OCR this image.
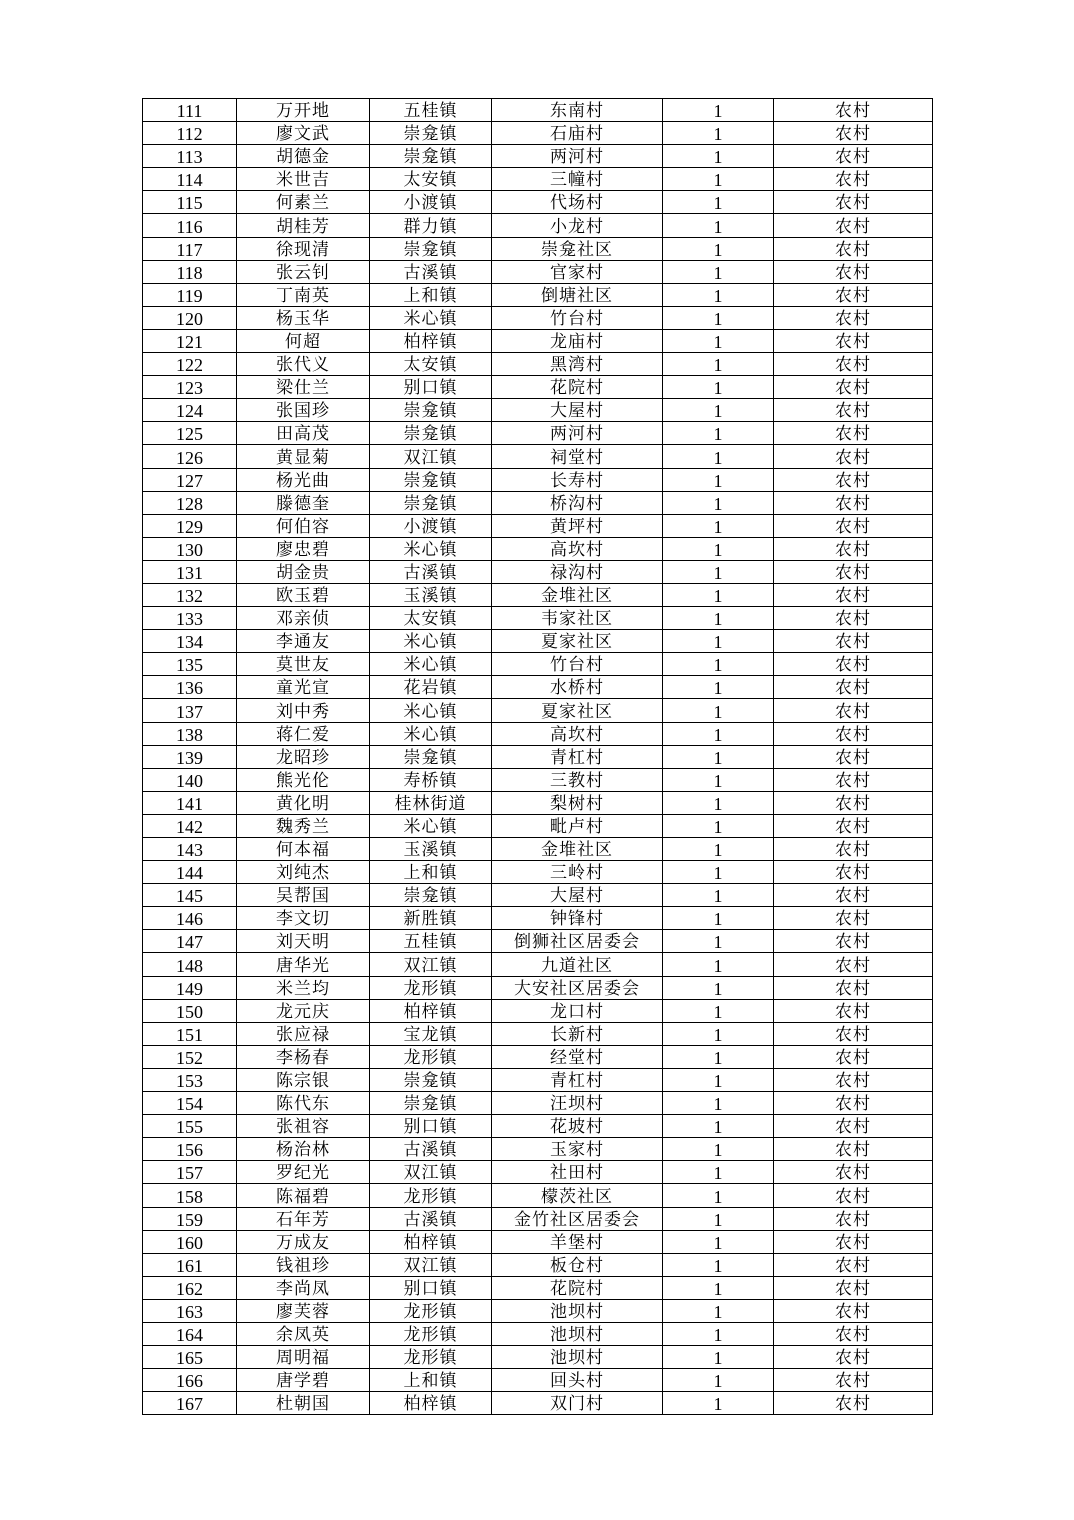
111	万开地	五桂镇	东南村	1	农村
112	廖文武	崇龛镇	石庙村	1	农村
113	胡德金	崇龛镇	两河村	1	农村
114	米世吉	太安镇	三幢村	1	农村
115	何素兰	小渡镇	代场村	1	农村
116	胡桂芳	群力镇	小龙村	1	农村
117	徐现清	崇龛镇	崇龛社区	1	农村
118	张云钊	古溪镇	官家村	1	农村
119	丁南英	上和镇	倒塘社区	1	农村
120	杨玉华	米心镇	竹台村	1	农村
121	何超	柏梓镇	龙庙村	1	农村
122	张代义	太安镇	黑湾村	1	农村
123	梁仕兰	别口镇	花院村	1	农村
124	张国珍	崇龛镇	大屋村	1	农村
125	田高茂	崇龛镇	两河村	1	农村
126	黄显菊	双江镇	祠堂村	1	农村
127	杨光曲	崇龛镇	长寿村	1	农村
128	滕德奎	崇龛镇	桥沟村	1	农村
129	何伯容	小渡镇	黄坪村	1	农村
130	廖忠碧	米心镇	高坎村	1	农村
131	胡金贵	古溪镇	禄沟村	1	农村
132	欧玉碧	玉溪镇	金堆社区	1	农村
133	邓亲侦	太安镇	韦家社区	1	农村
134	李通友	米心镇	夏家社区	1	农村
135	莫世友	米心镇	竹台村	1	农村
136	童光宣	花岩镇	水桥村	1	农村
137	刘中秀	米心镇	夏家社区	1	农村
138	蒋仁爱	米心镇	高坎村	1	农村
139	龙昭珍	崇龛镇	青杠村	1	农村
140	熊光伦	寿桥镇	三教村	1	农村
141	黄化明	桂林街道	梨树村	1	农村
142	魏秀兰	米心镇	毗卢村	1	农村
143	何本福	玉溪镇	金堆社区	1	农村
144	刘纯杰	上和镇	三岭村	1	农村
145	吴帮国	崇龛镇	大屋村	1	农村
146	李文切	新胜镇	钟锋村	1	农村
147	刘天明	五桂镇	倒狮社区居委会	1	农村
148	唐华光	双江镇	九道社区	1	农村
149	米兰均	龙形镇	大安社区居委会	1	农村
150	龙元庆	柏梓镇	龙口村	1	农村
151	张应禄	宝龙镇	长新村	1	农村
152	李杨春	龙形镇	经堂村	1	农村
153	陈宗银	崇龛镇	青杠村	1	农村
154	陈代东	崇龛镇	汪坝村	1	农村
155	张祖容	别口镇	花坡村	1	农村
156	杨治林	古溪镇	玉家村	1	农村
157	罗纪光	双江镇	社田村	1	农村
158	陈福碧	龙形镇	檬茨社区	1	农村
159	石年芳	古溪镇	金竹社区居委会	1	农村
160	万成友	柏梓镇	羊堡村	1	农村
161	钱祖珍	双江镇	板仓村	1	农村
162	李尚凤	别口镇	花院村	1	农村
163	廖芙蓉	龙形镇	池坝村	1	农村
164	余凤英	龙形镇	池坝村	1	农村
165	周明福	龙形镇	池坝村	1	农村
166	唐学碧	上和镇	回头村	1	农村
167	杜朝国	柏梓镇	双门村	1	农村
